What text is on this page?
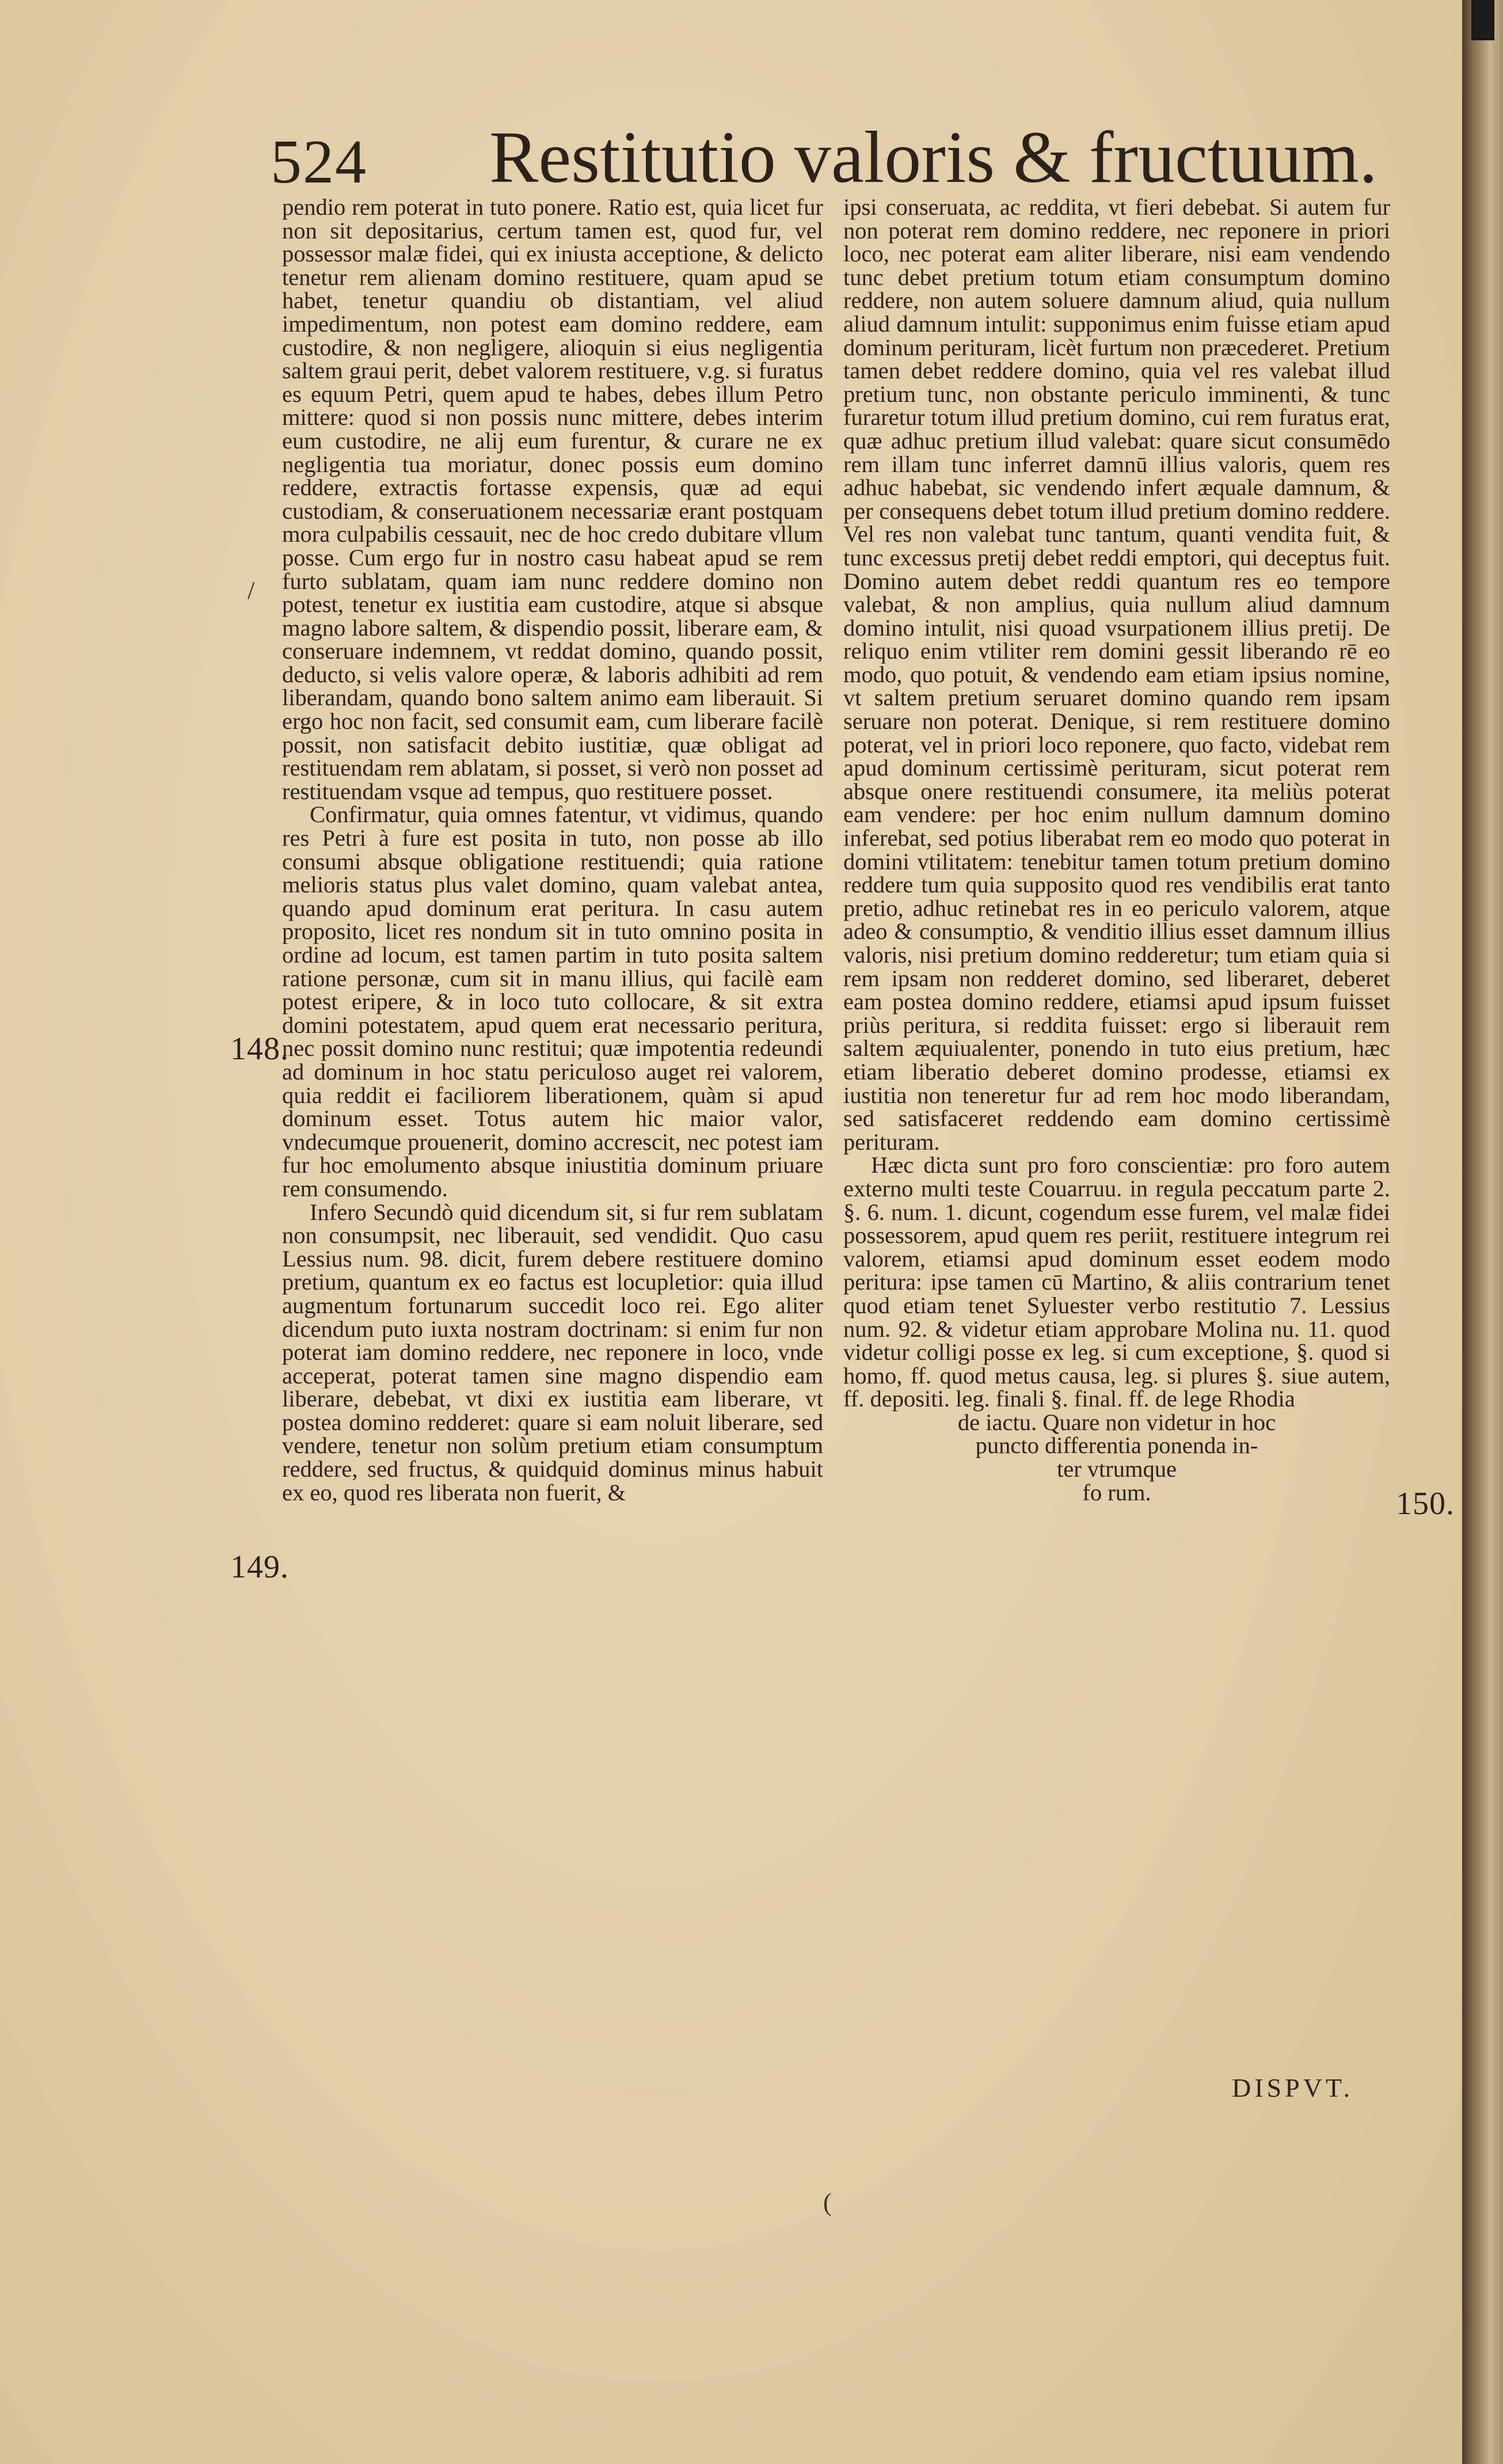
524 Restitutio valoris & fructuum.

pendio rem poterat in tuto ponere. Ratio est, quia licet fur non sit depositarius, certum tamen est, quod fur, vel possessor malæ fidei, qui ex iniusta acceptione, & delicto tenetur rem alienam domino restituere, quam apud se habet, tenetur quandiu ob distantiam, vel aliud impedimentum, non potest eam domino reddere, eam custodire, & non negligere, alioquin si eius negligentia saltem graui perit, debet valorem restituere, v.g. si furatus es equum Petri, quem apud te habes, debes illum Petro mittere: quod si non possis nunc mittere, debes interim eum custodire, ne alij eum furentur, & curare ne ex negligentia tua moriatur, donec possis eum domino reddere, extractis fortasse expensis, quæ ad equi custodiam, & conseruationem necessariæ erant postquam mora culpabilis cessauit, nec de hoc credo dubitare vllum posse. Cum ergo fur in nostro casu habeat apud se rem furto sublatam, quam iam nunc reddere domino non potest, tenetur ex iustitia eam custodire, atque si absque magno labore saltem, & dispendio possit, liberare eam, & conseruare indemnem, vt reddat domino, quando possit, deducto, si velis valore operæ, & laboris adhibiti ad rem liberandam, quando bono saltem animo eam liberauit. Si ergo hoc non facit, sed consumit eam, cum liberare facilè possit, non satisfacit debito iustitiæ, quæ obligat ad restituendam rem ablatam, si posset, si verò non posset ad restituendam vsque ad tempus, quo restituere posset.

Confirmatur, quia omnes fatentur, vt vidimus, quando res Petri à fure est posita in tuto, non posse ab illo consumi absque obligatione restituendi; quia ratione melioris status plus valet domino, quam valebat antea, quando apud dominum erat peritura. In casu autem proposito, licet res nondum sit in tuto omnino posita in ordine ad locum, est tamen partim in tuto posita saltem ratione personæ, cum sit in manu illius, qui facilè eam potest eripere, & in loco tuto collocare, & sit extra domini potestatem, apud quem erat necessario peritura, nec possit domino nunc restitui; quæ impotentia redeundi ad dominum in hoc statu periculoso auget rei valorem, quia reddit ei faciliorem liberationem, quàm si apud dominum esset. Totus autem hic maior valor, vndecumque prouenerit, domino accrescit, nec potest iam fur hoc emolumento absque iniustitia dominum priuare rem consumendo.

Infero Secundò quid dicendum sit, si fur rem sublatam non consumpsit, nec liberauit, sed vendidit. Quo casu Lessius num. 98. dicit, furem debere restituere domino pretium, quantum ex eo factus est locupletior: quia illud augmentum fortunarum succedit loco rei. Ego aliter dicendum puto iuxta nostram doctrinam: si enim fur non poterat iam domino reddere, nec reponere in loco, vnde acceperat, poterat tamen sine magno dispendio eam liberare, debebat, vt dixi ex iustitia eam liberare, vt postea domino redderet: quare si eam noluit liberare, sed vendere, tenetur non solùm pretium etiam consumptum reddere, sed fructus, & quidquid dominus minus habuit ex eo, quod res liberata non fuerit, &

148.
149.

ipsi conseruata, ac reddita, vt fieri debebat. Si autem fur non poterat rem domino reddere, nec reponere in priori loco, nec poterat eam aliter liberare, nisi eam vendendo tunc debet pretium totum etiam consumptum domino reddere, non autem soluere damnum aliud, quia nullum aliud damnum intulit: supponimus enim fuisse etiam apud dominum perituram, licèt furtum non præcederet. Pretium tamen debet reddere domino, quia vel res valebat illud pretium tunc, non obstante periculo imminenti, & tunc furaretur totum illud pretium domino, cui rem furatus erat, quæ adhuc pretium illud valebat: quare sicut consumēdo rem illam tunc inferret damnū illius valoris, quem res adhuc habebat, sic vendendo infert æquale damnum, & per consequens debet totum illud pretium domino reddere. Vel res non valebat tunc tantum, quanti vendita fuit, & tunc excessus pretij debet reddi emptori, qui deceptus fuit. Domino autem debet reddi quantum res eo tempore valebat, & non amplius, quia nullum aliud damnum domino intulit, nisi quoad vsurpationem illius pretij. De reliquo enim vtiliter rem domini gessit liberando rē eo modo, quo potuit, & vendendo eam etiam ipsius nomine, vt saltem pretium seruaret domino quando rem ipsam seruare non poterat. Denique, si rem restituere domino poterat, vel in priori loco reponere, quo facto, videbat rem apud dominum certissimè perituram, sicut poterat rem absque onere restituendi consumere, ita meliùs poterat eam vendere: per hoc enim nullum damnum domino inferebat, sed potius liberabat rem eo modo quo poterat in domini vtilitatem: tenebitur tamen totum pretium domino reddere tum quia supposito quod res vendibilis erat tanto pretio, adhuc retinebat res in eo periculo valorem, atque adeo & consumptio, & venditio illius esset damnum illius valoris, nisi pretium domino redderetur; tum etiam quia si rem ipsam non redderet domino, sed liberaret, deberet eam postea domino reddere, etiamsi apud ipsum fuisset priùs peritura, si reddita fuisset: ergo si liberauit rem saltem æquiualenter, ponendo in tuto eius pretium, hæc etiam liberatio deberet domino prodesse, etiamsi ex iustitia non teneretur fur ad rem hoc modo liberandam, sed satisfaceret reddendo eam domino certissimè perituram.

Hæc dicta sunt pro foro conscientiæ: pro foro autem externo multi teste Couarruu. in regula peccatum parte 2. §. 6. num. 1. dicunt, cogendum esse furem, vel malæ fidei possessorem, apud quem res periit, restituere integrum rei valorem, etiamsi apud dominum esset eodem modo peritura: ipse tamen cū Martino, & aliis contrarium tenet quod etiam tenet Syluester verbo restitutio 7. Lessius num. 92. & videtur etiam approbare Molina nu. 11. quod videtur colligi posse ex leg. si cum exceptione, §. quod si homo, ff. quod metus causa, leg. si plures §. siue autem, ff. depositi. leg. finali §. final. ff. de lege Rhodia

de iactu. Quare non videtur in hoc

puncto differentia ponenda in-

ter vtrumque

fo rum.	150.
DISPVT.
/
(
